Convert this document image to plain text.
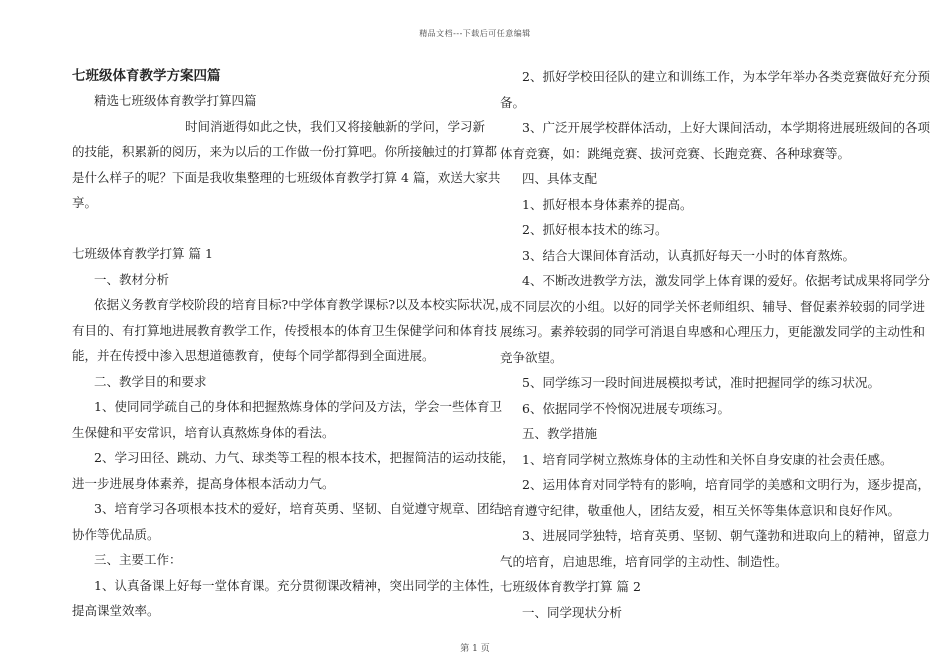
精品文档---下载后可任意编辑
七班级体育教学方案四篇
精选七班级体育教学打算四篇
时间消逝得如此之快，我们又将接触新的学问，学习新
的技能，积累新的阅历，来为以后的工作做一份打算吧。你所接触过的打算都
是什么样子的呢？下面是我收集整理的七班级体育教学打算 4 篇，欢送大家共
享。
七班级体育教学打算 篇 1
一、教材分析
依据义务教育学校阶段的培育目标?中学体育教学课标?以及本校实际状况，
有目的、有打算地进展教育教学工作，传授根本的体育卫生保健学问和体育技
能，并在传授中渗入思想道德教育，使每个同学都得到全面进展。
二、教学目的和要求
1、使同同学疏自己的身体和把握熬炼身体的学问及方法，学会一些体育卫
生保健和平安常识，培育认真熬炼身体的看法。
2、学习田径、跳动、力气、球类等工程的根本技术，把握简洁的运动技能，
进一步进展身体素养，提高身体根本活动力气。
3、培育学习各项根本技术的爱好，培育英勇、坚韧、自觉遵守规章、团结
协作等优品质。
三、主要工作：
1、认真备课上好每一堂体育课。充分贯彻课改精神，突出同学的主体性，
提高课堂效率。
2、抓好学校田径队的建立和训练工作，为本学年举办各类竞赛做好充分预
备。
3、广泛开展学校群体活动，上好大课间活动，本学期将进展班级间的各项
体育竞赛，如：跳绳竞赛、拔河竞赛、长跑竞赛、各种球赛等。
四、具体支配
1、抓好根本身体素养的提高。
2、抓好根本技术的练习。
3、结合大课间体育活动，认真抓好每天一小时的体育熬炼。
4、不断改进教学方法，激发同学上体育课的爱好。依据考试成果将同学分
成不同层次的小组。以好的同学关怀老师组织、辅导、督促素养较弱的同学进
展练习。素养较弱的同学可消退自卑感和心理压力，更能激发同学的主动性和
竞争欲望。
5、同学练习一段时间进展模拟考试，准时把握同学的练习状况。
6、依据同学不怜悯况进展专项练习。
五、教学措施
1、培育同学树立熬炼身体的主动性和关怀自身安康的社会责任感。
2、运用体育对同学特有的影响，培育同学的美感和文明行为，逐步提高，
培育遵守纪律，敬重他人，团结友爱，相互关怀等集体意识和良好作风。
3、进展同学独特，培育英勇、坚韧、朝气蓬勃和进取向上的精神，留意力
气的培育，启迪思维，培育同学的主动性、制造性。
七班级体育教学打算 篇 2
一、同学现状分析
第 1 页
